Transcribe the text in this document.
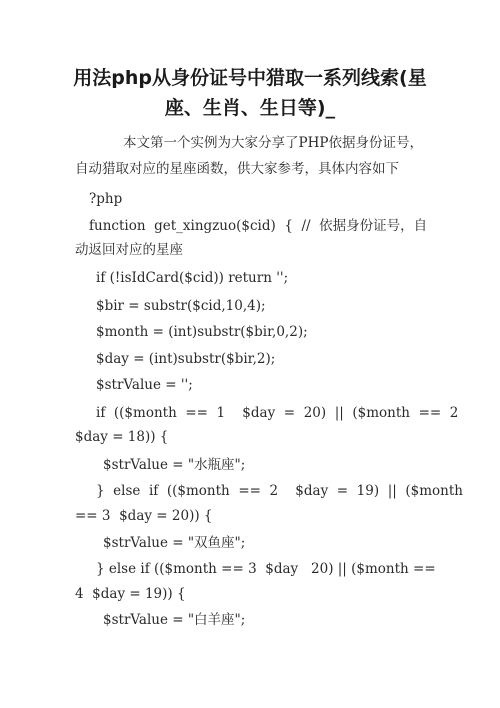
用法php从身份证号中猎取一系列线索(星
座、生肖、生日等)_
本文第一个实例为大家分享了PHP依据身份证号，
自动猎取对应的星座函数，供大家参考，具体内容如下
?php
function  get_xingzuo($cid)  {  //  依据身份证号，自
动返回对应的星座
if (!isIdCard($cid)) return '';
$bir = substr($cid,10,4);
$month = (int)substr($bir,0,2);
$day = (int)substr($bir,2);
$strValue = '';
if  (($month  ==  1    $day  =  20)  ||  ($month  ==  2
$day = 18)) {
$strValue = "水瓶座";
}  else  if  (($month  ==  2    $day  =  19)  ||  ($month
== 3  $day = 20)) {
$strValue = "双鱼座";
} else if (($month == 3  $day   20) || ($month ==
4  $day = 19)) {
$strValue = "白羊座";
